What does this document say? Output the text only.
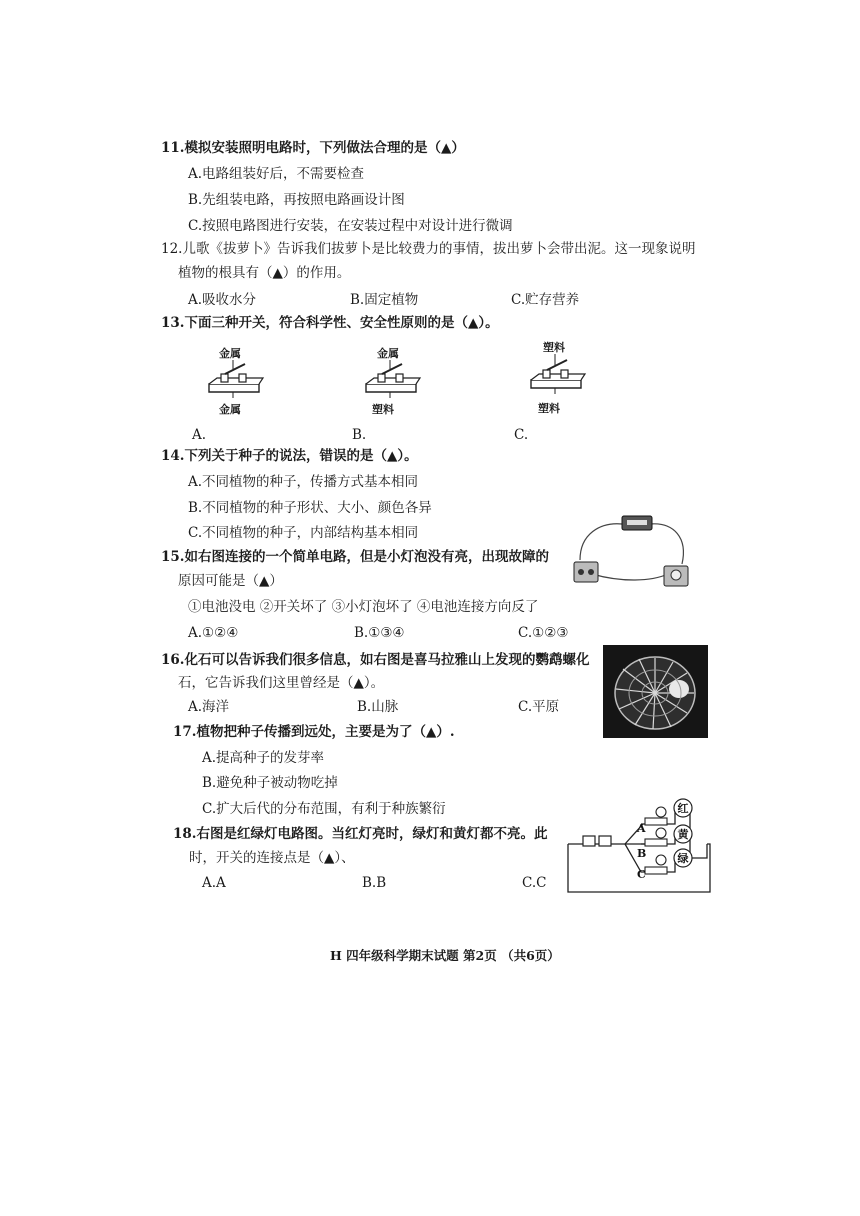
11.模拟安装照明电路时，下列做法合理的是（▲）
A.电路组装好后，不需要检查
B.先组装电路，再按照电路画设计图
C.按照电路图进行安装，在安装过程中对设计进行微调
12.儿歌《拔萝卜》告诉我们拔萝卜是比较费力的事情，拔出萝卜会带出泥。这一现象说明
植物的根具有（▲）的作用。
A.吸收水分	B.固定植物	C.贮存营养
13.下面三种开关，符合科学性、安全性原则的是（▲）。
金属
金属
A.
金属
塑料
B.
塑料
塑料
C.
14.下列关于种子的说法，错误的是（▲）。
A.不同植物的种子，传播方式基本相同
B.不同植物的种子形状、大小、颜色各异
C.不同植物的种子，内部结构基本相同
15.如右图连接的一个简单电路，但是小灯泡没有亮，出现故障的
原因可能是（▲）
①电池没电 ②开关坏了 ③小灯泡坏了 ④电池连接方向反了
A.①②④	B.①③④	C.①②③
16.化石可以告诉我们很多信息，如右图是喜马拉雅山上发现的鹦鹉螺化
石，它告诉我们这里曾经是（▲）。
A.海洋	B.山脉	C.平原
17.植物把种子传播到远处，主要是为了（▲）.
A.提高种子的发芽率
B.避免种子被动物吃掉
C.扩大后代的分布范围，有利于种族繁衍	红
黄
绿
A
B
C
18.右图是红绿灯电路图。当红灯亮时，绿灯和黄灯都不亮。此
时，开关的连接点是（▲）、
A.A	B.B	C.C
H 四年级科学期末试题 第2页 （共6页）
